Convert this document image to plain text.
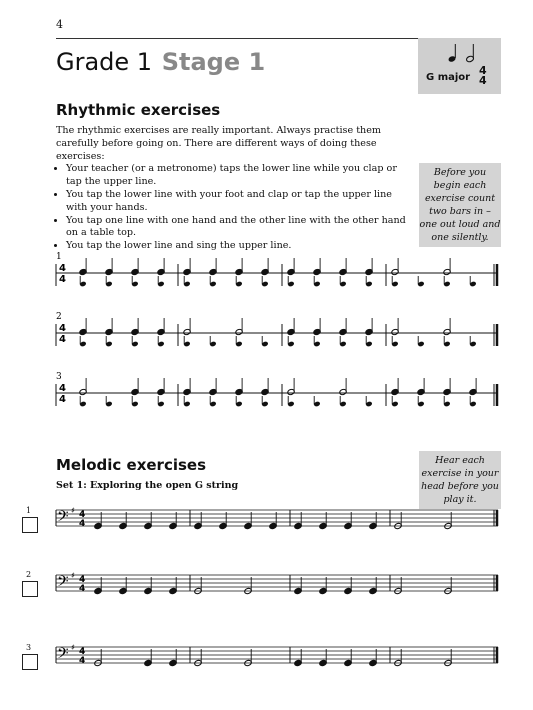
4
Grade 1 Stage 1
G major
4
4
Rhythmic exercises
The rhythmic exercises are really important. Always practise them carefully before going on. There are different ways of doing these exercises:
• Your teacher (or a metronome) taps the lower line while you clap or tap the upper line.
• You tap the lower line with your foot and clap or tap the upper line with your hands.
• You tap one line with one hand and the other line with the other hand on a table top.
• You tap the lower line and sing the upper line.
Before you begin each exercise count two bars in – one out loud and one silently.
Melodic exercises	Hear each exercise in your head before you play it.
Set 1: Exploring the open G string
1
2
3
1
4
4
2
4
4
3
4
4
𝄢 ♯ 4
4
𝄢 ♯ 4
4
𝄢 ♯ 4
4
